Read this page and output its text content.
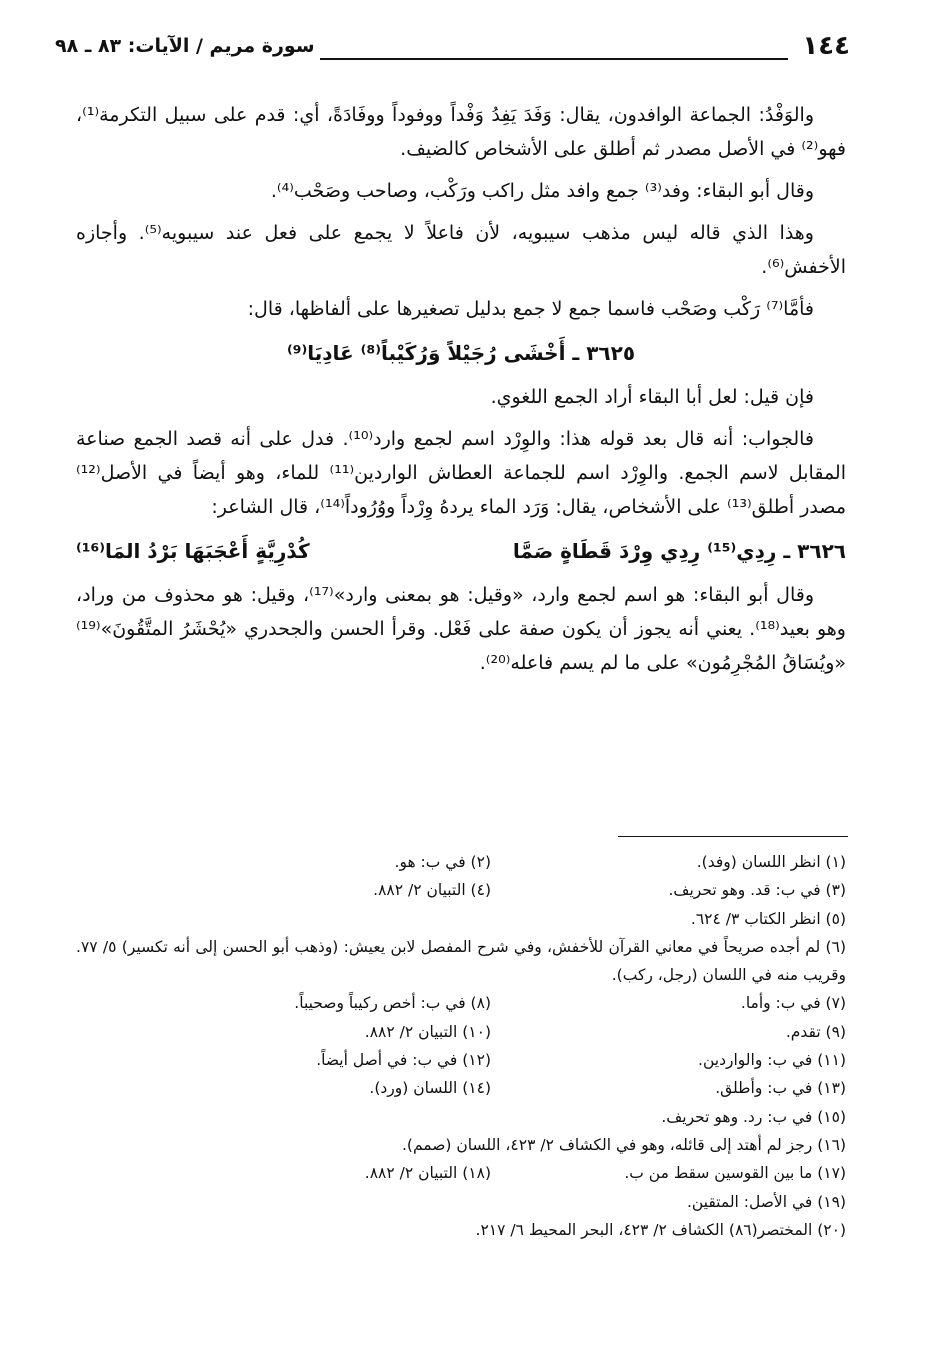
١٤٤
سورة مريم / الآيات: ٨٣ ـ ٩٨

والوَفْدُ: الجماعة الوافدون، يقال: وَفَدَ يَفِدُ وَفْداً ووفوداً ووفَادَةً، أي: قدم على سبيل التكرمة⁽¹⁾، فهو⁽²⁾ في الأصل مصدر ثم أطلق على الأشخاص كالضيف.

وقال أبو البقاء: وفد⁽³⁾ جمع وافد مثل راكب ورَكْب، وصاحب وصَحْب⁽⁴⁾.

وهذا الذي قاله ليس مذهب سيبويه، لأن فاعلاً لا يجمع على فعل عند سيبويه⁽⁵⁾. وأجازه الأخفش⁽⁶⁾.

فأمَّا⁽⁷⁾ رَكْب وصَحْب فاسما جمع لا جمع بدليل تصغيرها على ألفاظها، قال:

٣٦٢٥ ـ أَخْشَى رُجَيْلاً وَرُكَيْباً⁽⁸⁾ عَادِيَا⁽⁹⁾

فإن قيل: لعل أبا البقاء أراد الجمع اللغوي.

فالجواب: أنه قال بعد قوله هذا: والوِرْد اسم لجمع وارد⁽¹⁰⁾. فدل على أنه قصد الجمع صناعة المقابل لاسم الجمع. والوِرْد اسم للجماعة العطاش الواردين⁽¹¹⁾ للماء، وهو أيضاً في الأصل⁽¹²⁾ مصدر أطلق⁽¹³⁾ على الأشخاص، يقال: وَرَد الماء يردهُ وِرْداً ووُرُوداً⁽¹⁴⁾، قال الشاعر:

٣٦٢٦ ـ رِدِي⁽¹⁵⁾ رِدِي وِرْدَ قَطَاةٍ صَمَّا
كُدْرِيَّةٍ أَعْجَبَهَا بَرْدُ المَا⁽¹⁶⁾

وقال أبو البقاء: هو اسم لجمع وارد، «وقيل: هو بمعنى وارد»⁽¹⁷⁾، وقيل: هو محذوف من وراد، وهو بعيد⁽¹⁸⁾. يعني أنه يجوز أن يكون صفة على فَعْل. وقرأ الحسن والجحدري «يُحْشَرُ المتَّقُونَ»⁽¹⁹⁾ «ويُسَاقُ المُجْرِمُون» على ما لم يسم فاعله⁽²⁰⁾.

(١) انظر اللسان (وفد).
(٢) في ب: هو.
(٣) في ب: قد. وهو تحريف.
(٤) التبيان ٢/ ٨٨٢.
(٥) انظر الكتاب ٣/ ٦٢٤.
(٦) لم أجده صريحاً في معاني القرآن للأخفش، وفي شرح المفصل لابن يعيش: (وذهب أبو الحسن إلى أنه تكسير) ٥/ ٧٧. وقريب منه في اللسان (رجل، ركب).
(٧) في ب: وأما.
(٨) في ب: أخص ركيباً وصحيباً.
(٩) تقدم.
(١٠) التبيان ٢/ ٨٨٢.
(١١) في ب: والواردين.
(١٢) في ب: في أصل أيضاً.
(١٣) في ب: وأطلق.
(١٤) اللسان (ورد).
(١٥) في ب: رد. وهو تحريف.
(١٦) رجز لم أهتد إلى قائله، وهو في الكشاف ٢/ ٤٢٣، اللسان (صمم).
(١٧) ما بين القوسين سقط من ب.
(١٨) التبيان ٢/ ٨٨٢.
(١٩) في الأصل: المتقين.
(٢٠) المختصر(٨٦) الكشاف ٢/ ٤٢٣، البحر المحيط ٦/ ٢١٧.
